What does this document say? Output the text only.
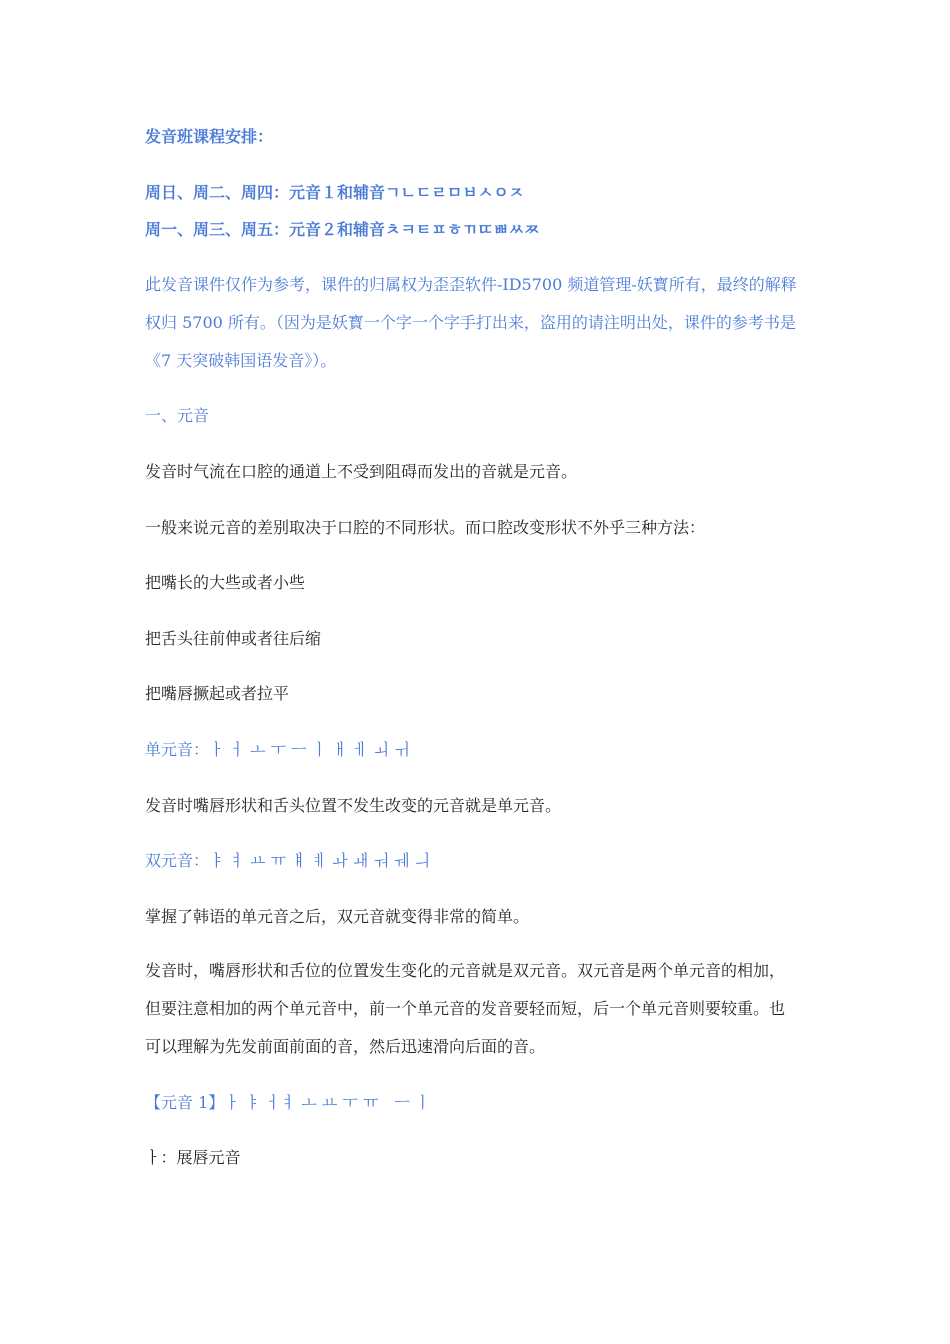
发音班课程安排：
周日、周二、周四：元音１和辅音ㄱㄴㄷㄹㅁㅂㅅㅇㅈ
周一、周三、周五：元音２和辅音ㅊㅋㅌㅍㅎㄲㄸㅃㅆㅉ
此发音课件仅作为参考，课件的归属权为歪歪软件-ID5700 频道管理-妖寳所有，最终的解释
权归 5700 所有。（因为是妖寳一个字一个字手打出来，盗用的请注明出处，课件的参考书是
《7 天突破韩国语发音》）。
一、元音
发音时气流在口腔的通道上不受到阻碍而发出的音就是元音。
一般来说元音的差别取决于口腔的不同形状。而口腔改变形状不外乎三种方法：
把嘴长的大些或者小些
把舌头往前伸或者往后缩
把嘴唇撅起或者拉平
单元音：ㅏ ㅓ ㅗ ㅜ ㅡ ㅣ ㅐ ㅔ ㅚ ㅟ
发音时嘴唇形状和舌头位置不发生改变的元音就是单元音。
双元音：ㅑ ㅕ ㅛ ㅠ ㅒ ㅖ ㅘ ㅙ ㅝ ㅞ ㅢ
掌握了韩语的单元音之后，双元音就变得非常的简单。
发音时，嘴唇形状和舌位的位置发生变化的元音就是双元音。双元音是两个单元音的相加，
但要注意相加的两个单元音中，前一个单元音的发音要轻而短，后一个单元音则要较重。也
可以理解为先发前面前面的音，然后迅速滑向后面的音。
【元音 1】ㅏ ㅑ ㅓㅕ ㅗ ㅛ ㅜ ㅠ　ㅡ ㅣ
ㅏ：展唇元音
